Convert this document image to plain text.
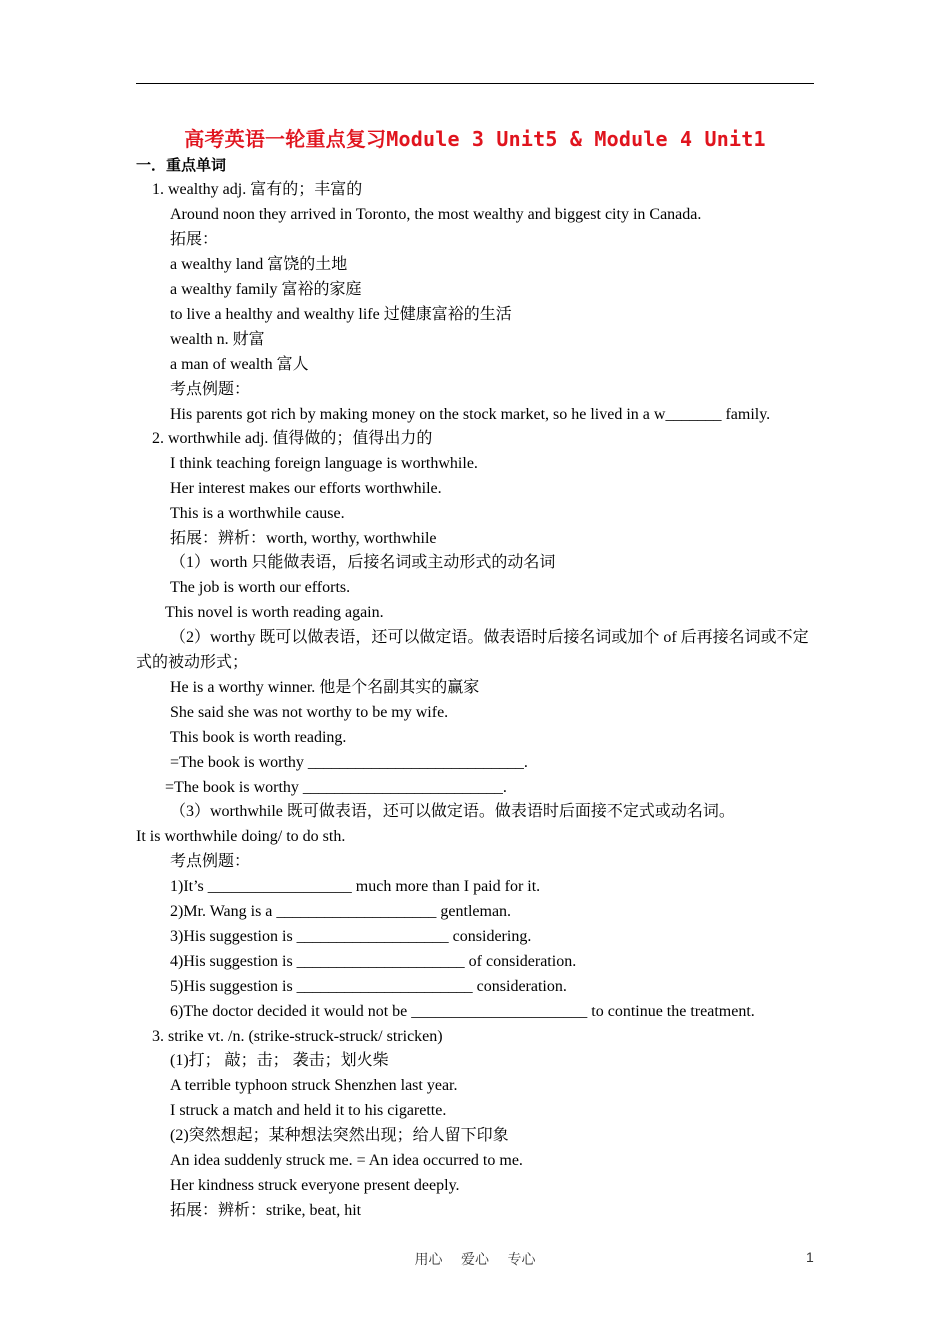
高考英语一轮重点复习Module 3 Unit5 & Module 4 Unit1
一．重点单词
1. wealthy adj. 富有的；丰富的
Around noon they arrived in Toronto, the most wealthy and biggest city in Canada.
拓展：
a wealthy land 富饶的土地
a wealthy family 富裕的家庭
to live a healthy and wealthy life 过健康富裕的生活
wealth n. 财富
a man of wealth 富人
考点例题：
His parents got rich by making money on the stock market, so he lived in a w_______ family.
2. worthwhile adj. 值得做的；值得出力的
I think teaching foreign language is worthwhile.
Her interest makes our efforts worthwhile.
This is a worthwhile cause.
拓展：辨析：worth, worthy, worthwhile
（1）worth 只能做表语，后接名词或主动形式的动名词
The job is worth our efforts.
This novel is worth reading again.
（2）worthy 既可以做表语，还可以做定语。做表语时后接名词或加个 of 后再接名词或不定
式的被动形式；
He is a worthy winner. 他是个名副其实的赢家
She said she was not worthy to be my wife.
This book is worth reading.
=The book is worthy ___________________________.
=The book is worthy _________________________.
（3）worthwhile 既可做表语，还可以做定语。做表语时后面接不定式或动名词。
It is worthwhile doing/ to do sth.
考点例题：
1)It’s __________________ much more than I paid for it.
2)Mr. Wang is a ____________________ gentleman.
3)His suggestion is ___________________ considering.
4)His suggestion is _____________________ of consideration.
5)His suggestion is ______________________ consideration.
6)The doctor decided it would not be ______________________ to continue the treatment.
3. strike vt. /n. (strike-struck-struck/ stricken)
(1)打； 敲；击； 袭击；划火柴
A terrible typhoon struck Shenzhen last year.
I struck a match and held it to his cigarette.
(2)突然想起；某种想法突然出现；给人留下印象
An idea suddenly struck me. = An idea occurred to me.
Her kindness struck everyone present deeply.
拓展：辨析：strike, beat, hit
用心 爱心 专心	1
